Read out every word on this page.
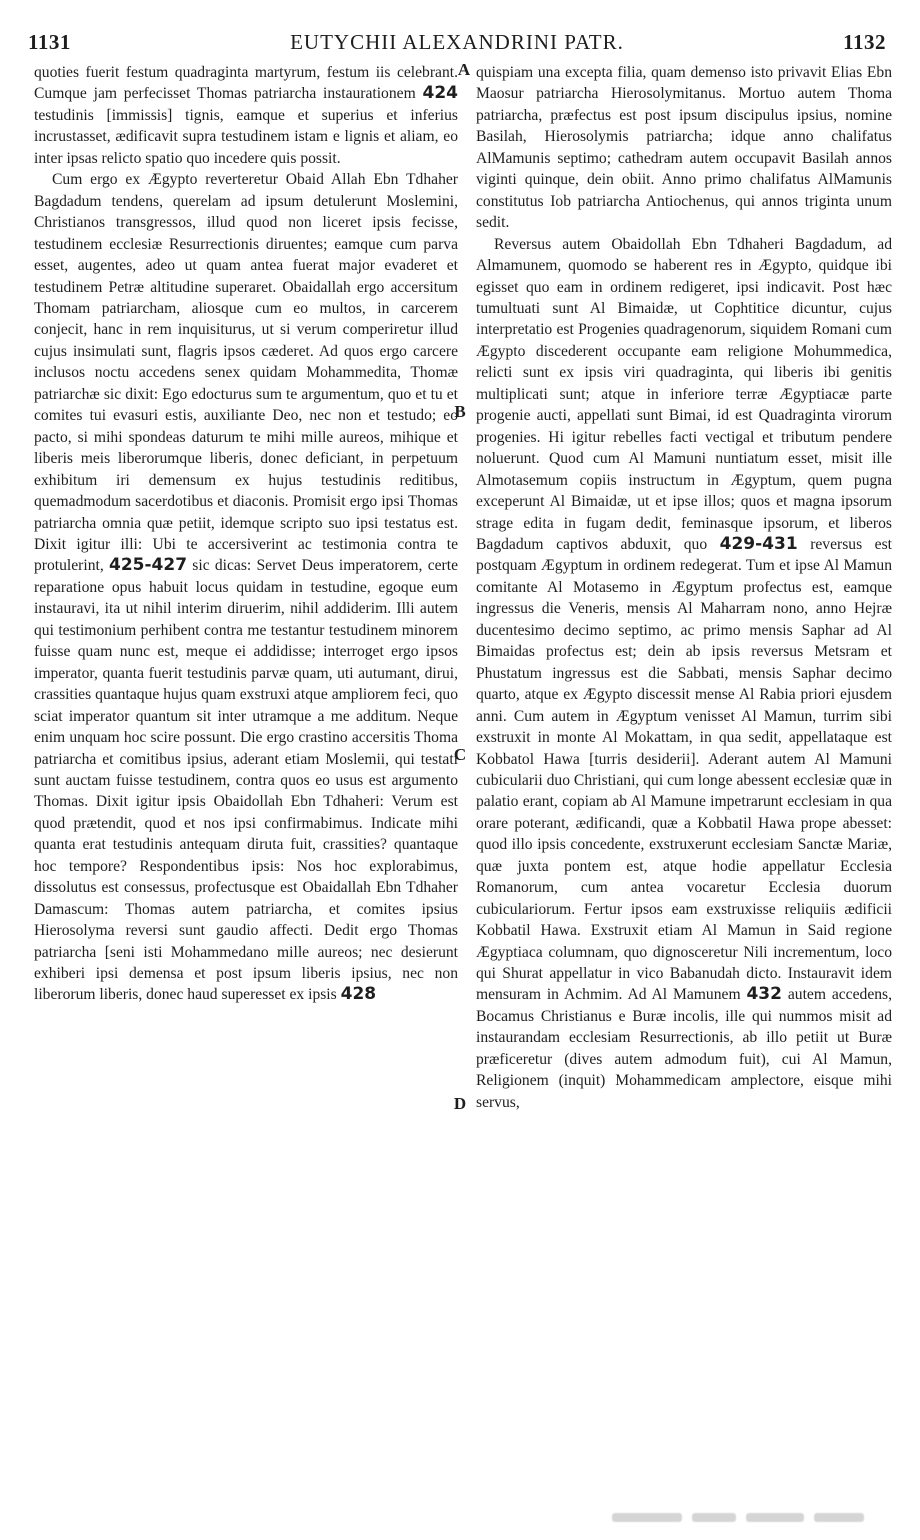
1131	EUTYCHII ALEXANDRINI PATR.	1132
A
B
C
D

quoties fuerit festum quadraginta martyrum, festum iis celebrant. Cumque jam perfecisset Thomas patriarcha instaurationem 424 testudinis [immissis] tignis, eamque et superius et inferius incrustasset, ædificavit supra testudinem istam e lignis et aliam, eo inter ipsas relicto spatio quo incedere quis possit.

Cum ergo ex Ægypto reverteretur Obaid Allah Ebn Tdhaher Bagdadum tendens, querelam ad ipsum detulerunt Moslemini, Christianos transgressos, illud quod non liceret ipsis fecisse, testudinem ecclesiæ Resurrectionis diruentes; eamque cum parva esset, augentes, adeo ut quam antea fuerat major evaderet et testudinem Petræ altitudine superaret. Obaidallah ergo accersitum Thomam patriarcham, aliosque cum eo multos, in carcerem conjecit, hanc in rem inquisiturus, ut si verum comperiretur illud cujus insimulati sunt, flagris ipsos cæderet. Ad quos ergo carcere inclusos noctu accedens senex quidam Mohammedita, Thomæ patriarchæ sic dixit: Ego edocturus sum te argumentum, quo et tu et comites tui evasuri estis, auxiliante Deo, nec non et testudo; eo pacto, si mihi spondeas daturum te mihi mille aureos, mihique et liberis meis liberorumque liberis, donec deficiant, in perpetuum exhibitum iri demensum ex hujus testudinis reditibus, quemadmodum sacerdotibus et diaconis. Promisit ergo ipsi Thomas patriarcha omnia quæ petiit, idemque scripto suo ipsi testatus est. Dixit igitur illi: Ubi te accersiverint ac testimonia contra te protulerint, 425-427 sic dicas: Servet Deus imperatorem, certe reparatione opus habuit locus quidam in testudine, egoque eum instauravi, ita ut nihil interim diruerim, nihil addiderim. Illi autem qui testimonium perhibent contra me testantur testudinem minorem fuisse quam nunc est, meque ei addidisse; interroget ergo ipsos imperator, quanta fuerit testudinis parvæ quam, uti autumant, dirui, crassities quantaque hujus quam exstruxi atque ampliorem feci, quo sciat imperator quantum sit inter utramque a me additum. Neque enim unquam hoc scire possunt. Die ergo crastino accersitis Thoma patriarcha et comitibus ipsius, aderant etiam Moslemii, qui testati sunt auctam fuisse testudinem, contra quos eo usus est argumento Thomas. Dixit igitur ipsis Obaidollah Ebn Tdhaheri: Verum est quod prætendit, quod et nos ipsi confirmabimus. Indicate mihi quanta erat testudinis antequam diruta fuit, crassities? quantaque hoc tempore? Respondentibus ipsis: Nos hoc explorabimus, dissolutus est consessus, profectusque est Obaidallah Ebn Tdhaher Damascum: Thomas autem patriarcha, et comites ipsius Hierosolyma reversi sunt gaudio affecti. Dedit ergo Thomas patriarcha [seni isti Mohammedano mille aureos; nec desierunt exhiberi ipsi demensa et post ipsum liberis ipsius, nec non liberorum liberis, donec haud superesset ex ipsis 428

quispiam una excepta filia, quam demenso isto privavit Elias Ebn Maosur patriarcha Hierosolymitanus. Mortuo autem Thoma patriarcha, præfectus est post ipsum discipulus ipsius, nomine Basilah, Hierosolymis patriarcha; idque anno chalifatus AlMamunis septimo; cathedram autem occupavit Basilah annos viginti quinque, dein obiit. Anno primo chalifatus AlMamunis constitutus Iob patriarcha Antiochenus, qui annos triginta unum sedit.

Reversus autem Obaidollah Ebn Tdhaheri Bagdadum, ad Almamunem, quomodo se haberent res in Ægypto, quidque ibi egisset quo eam in ordinem redigeret, ipsi indicavit. Post hæc tumultuati sunt Al Bimaidæ, ut Cophtitice dicuntur, cujus interpretatio est Progenies quadragenorum, siquidem Romani cum Ægypto discederent occupante eam religione Mohummedica, relicti sunt ex ipsis viri quadraginta, qui liberis ibi genitis multiplicati sunt; atque in inferiore terræ Ægyptiacæ parte progenie aucti, appellati sunt Bimai, id est Quadraginta virorum progenies. Hi igitur rebelles facti vectigal et tributum pendere noluerunt. Quod cum Al Mamuni nuntiatum esset, misit ille Almotasemum copiis instructum in Ægyptum, quem pugna exceperunt Al Bimaidæ, ut et ipse illos; quos et magna ipsorum strage edita in fugam dedit, feminasque ipsorum, et liberos Bagdadum captivos abduxit, quo 429-431 reversus est postquam Ægyptum in ordinem redegerat. Tum et ipse Al Mamun comitante Al Motasemo in Ægyptum profectus est, eamque ingressus die Veneris, mensis Al Maharram nono, anno Hejræ ducentesimo decimo septimo, ac primo mensis Saphar ad Al Bimaidas profectus est; dein ab ipsis reversus Metsram et Phustatum ingressus est die Sabbati, mensis Saphar decimo quarto, atque ex Ægypto discessit mense Al Rabia priori ejusdem anni. Cum autem in Ægyptum venisset Al Mamun, turrim sibi exstruxit in monte Al Mokattam, in qua sedit, appellataque est Kobbatol Hawa [turris desiderii]. Aderant autem Al Mamuni cubicularii duo Christiani, qui cum longe abessent ecclesiæ quæ in palatio erant, copiam ab Al Mamune impetrarunt ecclesiam in qua orare poterant, ædificandi, quæ a Kobbatil Hawa prope abesset: quod illo ipsis concedente, exstruxerunt ecclesiam Sanctæ Mariæ, quæ juxta pontem est, atque hodie appellatur Ecclesia Romanorum, cum antea vocaretur Ecclesia duorum cubiculariorum. Fertur ipsos eam exstruxisse reliquiis ædificii Kobbatil Hawa. Exstruxit etiam Al Mamun in Said regione Ægyptiaca columnam, quo dignosceretur Nili incrementum, loco qui Shurat appellatur in vico Babanudah dicto. Instauravit idem mensuram in Achmim. Ad Al Mamunem 432 autem accedens, Bocamus Christianus e Buræ incolis, ille qui nummos misit ad instaurandam ecclesiam Resurrectionis, ab illo petiit ut Buræ præficeretur (dives autem admodum fuit), cui Al Mamun, Religionem (inquit) Mohammedicam amplectore, eisque mihi servus,
